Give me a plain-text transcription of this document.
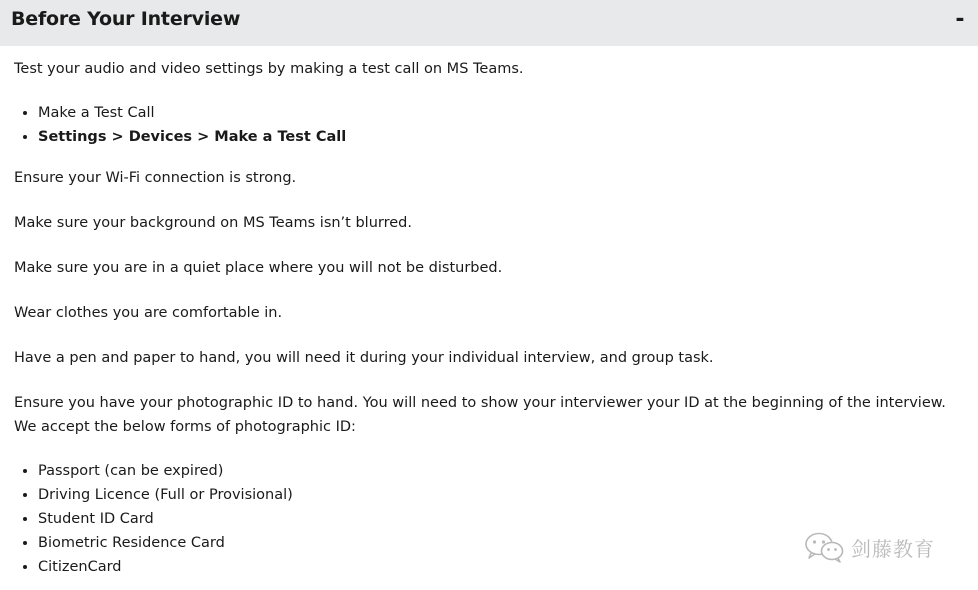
Before Your Interview	-

Test your audio and video settings by making a test call on MS Teams.

• Make a Test Call
• Settings > Devices > Make a Test Call

Ensure your Wi-Fi connection is strong.

Make sure your background on MS Teams isn’t blurred.

Make sure you are in a quiet place where you will not be disturbed.

Wear clothes you are comfortable in.

Have a pen and paper to hand, you will need it during your individual interview, and group task.

Ensure you have your photographic ID to hand. You will need to show your interviewer your ID at the beginning of the interview. We accept the below forms of photographic ID:

• Passport (can be expired)
• Driving Licence (Full or Provisional)
• Student ID Card
• Biometric Residence Card
• CitizenCard
剑藤教育
